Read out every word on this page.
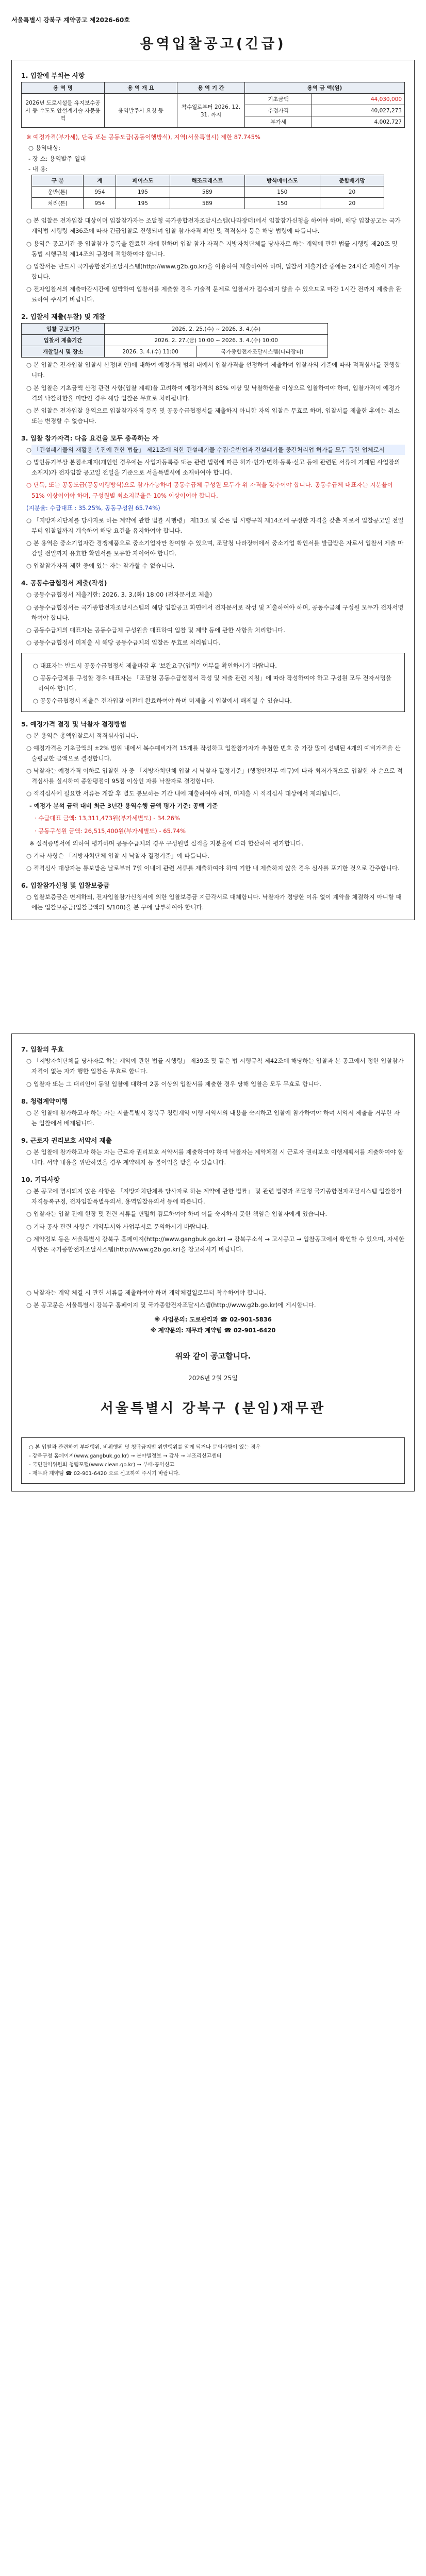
서울특별시 강북구 계약공고 제2026-60호
용역입찰공고(긴급)
1. 입찰에 부치는 사항
용 역 명	용 역 개 요	용 역 기 간	용역 금 액(원)	
2026년 도로시설물 유지보수공사 등 수도도 안설계기술 자문용역	용역발주시 요청 등	착수일로부터 2026. 12. 31. 까지	기초금액	44,030,000
			추정가격	40,027,273
			부가세	4,002,727
※ 예정가격(부가세), 단독 또는 공동도급(공동이행방식), 지역(서울특별시) 제한 87.745%

○ 용역대상:

- 장 소: 용역발주 일대

- 내 용:

구 분	계	페이스도	해조크레스트	방식메이스도	준합배기망
운반(톤)	954	195	589	150	20
처리(톤)	954	195	589	150	20
○ 본 입찰은 전자입찰 대상이며 입찰참가자는 조달청 국가종합전자조달시스템(나라장터)에서 입찰참가신청을 하여야 하며, 해당 입찰공고는 국가계약법 시행령 제36조에 따라 긴급입찰로 진행되며 입찰 참가자격 확인 및 적격심사 등은 해당 법령에 따릅니다.
○ 용역은 공고기간 중 입찰참가 등록을 완료한 자에 한하며 입찰 참가 자격은 지방자치단체를 당사자로 하는 계약에 관한 법률 시행령 제20조 및 동법 시행규칙 제14조의 규정에 적합하여야 합니다.
○ 입찰서는 반드시 국가종합전자조달시스템(http://www.g2b.go.kr)을 이용하여 제출하여야 하며, 입찰서 제출기간 중에는 24시간 제출이 가능합니다.
○ 전자입찰서의 제출마감시간에 임박하여 입찰서를 제출할 경우 기술적 문제로 입찰서가 접수되지 않을 수 있으므로 마감 1시간 전까지 제출을 완료하여 주시기 바랍니다.
2. 입찰서 제출(투찰) 및 개찰
입찰 공고기간	2026. 2. 25.(수) ~ 2026. 3. 4.(수)	
입찰서 제출기간	2026. 2. 27.(금) 10:00 ~ 2026. 3. 4.(수) 10:00	
개찰일시 및 장소	2026. 3. 4.(수) 11:00	국가종합전자조달시스템(나라장터)
○ 본 입찰은 전자입찰 입찰서 산정(확인)에 대하여 예정가격 범위 내에서 입찰가격을 선정하여 제출하며 입찰자의 기준에 따라 적격심사를 진행합니다.
○ 본 입찰은 기초금액 산정 관련 사항(입찰 계획)을 고려하여 예정가격의 85% 이상 및 낙찰하한율 이상으로 입찰하여야 하며, 입찰가격이 예정가격의 낙찰하한율 미만인 경우 해당 입찰은 무효로 처리됩니다.
○ 본 입찰은 전자입찰 용역으로 입찰참가자격 등록 및 공동수급협정서를 제출하지 아니한 자의 입찰은 무효로 하며, 입찰서를 제출한 후에는 취소 또는 변경할 수 없습니다.
3. 입찰 참가자격: 다음 요건을 모두 충족하는 자
○ 「건설폐기물의 재활용 촉진에 관한 법률」 제21조에 의한 건설폐기물 수집·운반업과 건설폐기물 중간처리업 허가를 모두 득한 업체로서
○ 법인등기부상 본점소재지(개인인 경우에는 사업자등록증 또는 관련 법령에 따른 허가·인가·면허·등록·신고 등에 관련된 서류에 기재된 사업장의 소재지)가 전자입찰 공고일 전일을 기준으로 서울특별시에 소재하여야 합니다.
○ 단독, 또는 공동도급(공동이행방식)으로 참가가능하며 공동수급체 구성원 모두가 위 자격을 갖추어야 합니다. 공동수급체 대표자는 지분율이 51% 이상이어야 하며, 구성원별 최소지분율은 10% 이상이어야 합니다.
(지분율: 수급대표 : 35.25%, 공동구성원 65.74%)
○ 「지방자치단체를 당사자로 하는 계약에 관한 법률 시행령」 제13조 및 같은 법 시행규칙 제14조에 규정한 자격을 갖춘 자로서 입찰공고일 전일부터 입찰일까지 계속하여 해당 요건을 유지하여야 합니다.
○ 본 용역은 중소기업자간 경쟁제품으로 중소기업자만 참여할 수 있으며, 조달청 나라장터에서 중소기업 확인서를 발급받은 자로서 입찰서 제출 마감일 전일까지 유효한 확인서를 보유한 자이어야 합니다.
○ 입찰참가자격 제한 중에 있는 자는 참가할 수 없습니다.
4. 공동수급협정서 제출(작성)
○ 공동수급협정서 제출기한: 2026. 3. 3.(화) 18:00 (전자문서로 제출)
○ 공동수급협정서는 국가종합전자조달시스템의 해당 입찰공고 화면에서 전자문서로 작성 및 제출하여야 하며, 공동수급체 구성원 모두가 전자서명하여야 합니다.
○ 공동수급체의 대표자는 공동수급체 구성원을 대표하여 입찰 및 계약 등에 관한 사항을 처리합니다.
○ 공동수급협정서 미제출 시 해당 공동수급체의 입찰은 무효로 처리됩니다.
○ 대표자는 반드시 공동수급협정서 제출마감 후 '보완요구(입력)' 여부를 확인하시기 바랍니다.
○ 공동수급체를 구성할 경우 대표자는 「조달청 공동수급협정서 작성 및 제출 관련 지침」에 따라 작성하여야 하고 구성원 모두 전자서명을 하여야 합니다.
○ 공동수급협정서 제출은 전자입찰 이전에 완료하여야 하며 미제출 시 입찰에서 배제될 수 있습니다.
5. 예정가격 결정 및 낙찰자 결정방법
○ 본 용역은 총액입찰로서 적격심사입니다.
○ 예정가격은 기초금액의 ±2% 범위 내에서 복수예비가격 15개를 작성하고 입찰참가자가 추첨한 번호 중 가장 많이 선택된 4개의 예비가격을 산술평균한 금액으로 결정합니다.
○ 낙찰자는 예정가격 이하로 입찰한 자 중 「지방자치단체 입찰 시 낙찰자 결정기준」(행정안전부 예규)에 따라 최저가격으로 입찰한 자 순으로 적격심사를 실시하여 종합평점이 95점 이상인 자를 낙찰자로 결정합니다.
○ 적격심사에 필요한 서류는 개찰 후 별도 통보하는 기간 내에 제출하여야 하며, 미제출 시 적격심사 대상에서 제외됩니다.
- 예정가 분석 금액 대비 최근 3년간 용역수행 금액 평가 기준: 공백 기준
· 수급대표 금액: 13,311,473원(부가세별도) - 34.26%
· 공동구성원 금액: 26,515,400원(부가세별도) - 65.74%
※ 실적증명서에 의하여 평가하며 공동수급체의 경우 구성원별 실적을 지분율에 따라 합산하여 평가합니다.
○ 기타 사항은 「지방자치단체 입찰 시 낙찰자 결정기준」에 따릅니다.
○ 적격심사 대상자는 통보받은 날로부터 7일 이내에 관련 서류를 제출하여야 하며 기한 내 제출하지 않을 경우 심사를 포기한 것으로 간주합니다.
6. 입찰참가신청 및 입찰보증금
○ 입찰보증금은 면제하되, 전자입찰참가신청서에 의한 입찰보증금 지급각서로 대체합니다. 낙찰자가 정당한 이유 없이 계약을 체결하지 아니할 때에는 입찰보증금(입찰금액의 5/100)을 본 구에 납부하여야 합니다.
7. 입찰의 무효
○ 「지방자치단체를 당사자로 하는 계약에 관한 법률 시행령」 제39조 및 같은 법 시행규칙 제42조에 해당하는 입찰과 본 공고에서 정한 입찰참가자격이 없는 자가 행한 입찰은 무효로 합니다.
○ 입찰자 또는 그 대리인이 동일 입찰에 대하여 2통 이상의 입찰서를 제출한 경우 당해 입찰은 모두 무효로 합니다.
8. 청렴계약이행
○ 본 입찰에 참가하고자 하는 자는 서울특별시 강북구 청렴계약 이행 서약서의 내용을 숙지하고 입찰에 참가하여야 하며 서약서 제출을 거부한 자는 입찰에서 배제됩니다.
9. 근로자 권리보호 서약서 제출
○ 본 입찰에 참가하고자 하는 자는 근로자 권리보호 서약서를 제출하여야 하며 낙찰자는 계약체결 시 근로자 권리보호 이행계획서를 제출하여야 합니다. 서약 내용을 위반하였을 경우 계약해지 등 불이익을 받을 수 있습니다.
10. 기타사항
○ 본 공고에 명시되지 않은 사항은 「지방자치단체를 당사자로 하는 계약에 관한 법률」 및 관련 법령과 조달청 국가종합전자조달시스템 입찰참가자격등록규정, 전자입찰특별유의서, 용역입찰유의서 등에 따릅니다.
○ 입찰자는 입찰 전에 현장 및 관련 서류를 면밀히 검토하여야 하며 이를 숙지하지 못한 책임은 입찰자에게 있습니다.
○ 기타 공사 관련 사항은 계약부서와 사업부서로 문의하시기 바랍니다.
○ 계약정보 등은 서울특별시 강북구 홈페이지(http://www.gangbuk.go.kr) → 강북구소식 → 고시공고 → 입찰공고에서 확인할 수 있으며, 자세한 사항은 국가종합전자조달시스템(http://www.g2b.go.kr)을 참고하시기 바랍니다.
○ 낙찰자는 계약 체결 시 관련 서류를 제출하여야 하며 계약체결일로부터 착수하여야 합니다.
○ 본 공고문은 서울특별시 강북구 홈페이지 및 국가종합전자조달시스템(http://www.g2b.go.kr)에 게시합니다.
※ 사업문의: 도로관리과 ☎ 02-901-5836
※ 계약문의: 재무과 계약팀 ☎ 02-901-6420
위와 같이 공고합니다.
2026년 2월 25일
서울특별시 강북구 (분임)재무관
○ 본 입찰과 관련하여 부패행위, 비위행위 및 청탁금지법 위반행위를 알게 되거나 문의사항이 있는 경우
- 강북구청 홈페이지(www.gangbuk.go.kr) → 분야별정보 → 감사 → 부조리신고센터
- 국민권익위원회 청렴포털(www.clean.go.kr) → 부패·공익신고
- 재무과 계약팀 ☎ 02-901-6420 으로 신고하여 주시기 바랍니다.
